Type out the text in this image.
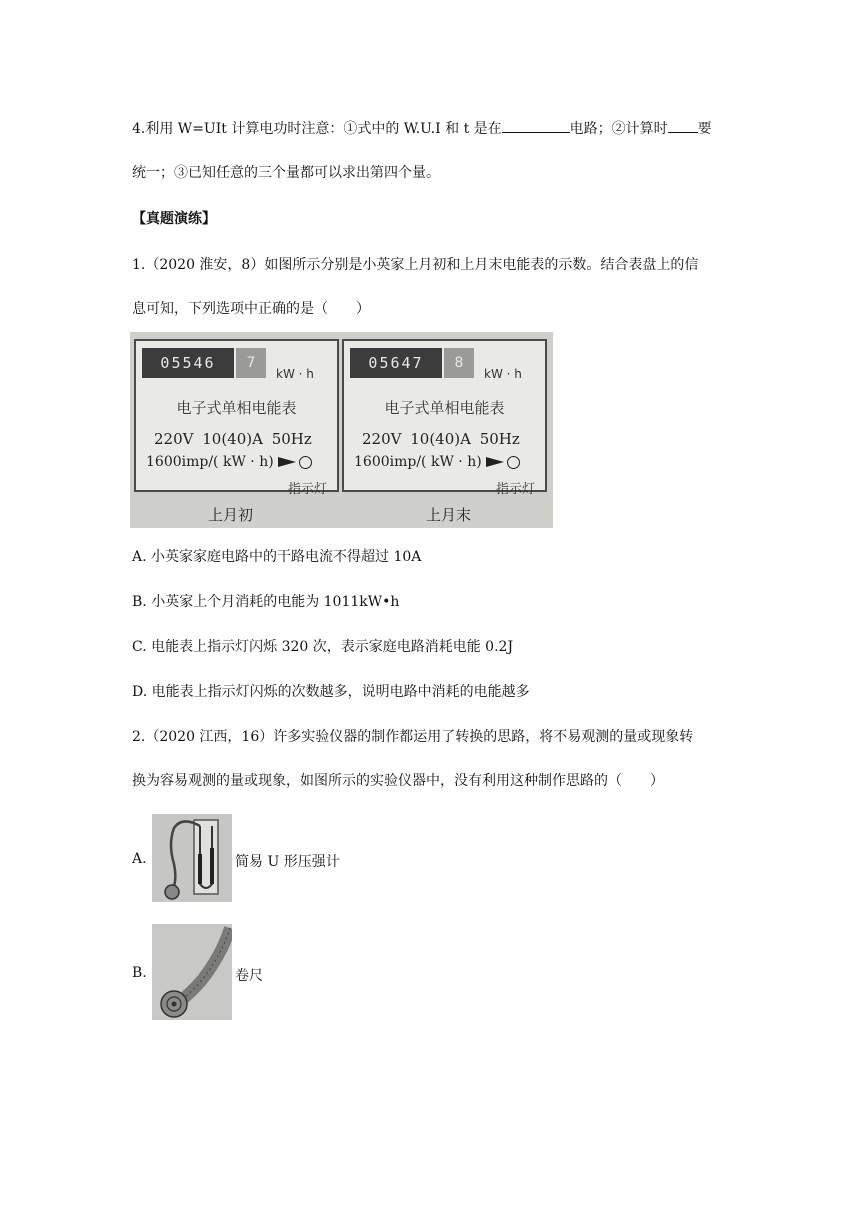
4.利用 W=UIt 计算电功时注意：①式中的 W.U.I 和 t 是在	电路；②计算时 要
统一；③已知任意的三个量都可以求出第四个量。
【真题演练】
1.（2020 淮安，8）如图所示分别是小英家上月初和上月末电能表的示数。结合表盘上的信
息可知，下列选项中正确的是（　　）
05546	7
kW · h
电子式单相电能表
220V 10(40)A 50Hz
1600imp/( kW · h)
指示灯
05647	8
kW · h
电子式单相电能表
220V 10(40)A 50Hz
1600imp/( kW · h)
指示灯
上月初	上月末
A. 小英家家庭电路中的干路电流不得超过 10A
B. 小英家上个月消耗的电能为 1011kW•h
C. 电能表上指示灯闪烁 320 次，表示家庭电路消耗电能 0.2J
D. 电能表上指示灯闪烁的次数越多，说明电路中消耗的电能越多
2.（2020 江西，16）许多实验仪器的制作都运用了转换的思路，将不易观测的量或现象转
换为容易观测的量或现象，如图所示的实验仪器中，没有利用这种制作思路的（　　）
A.	简易 U 形压强计
B.	卷尺
